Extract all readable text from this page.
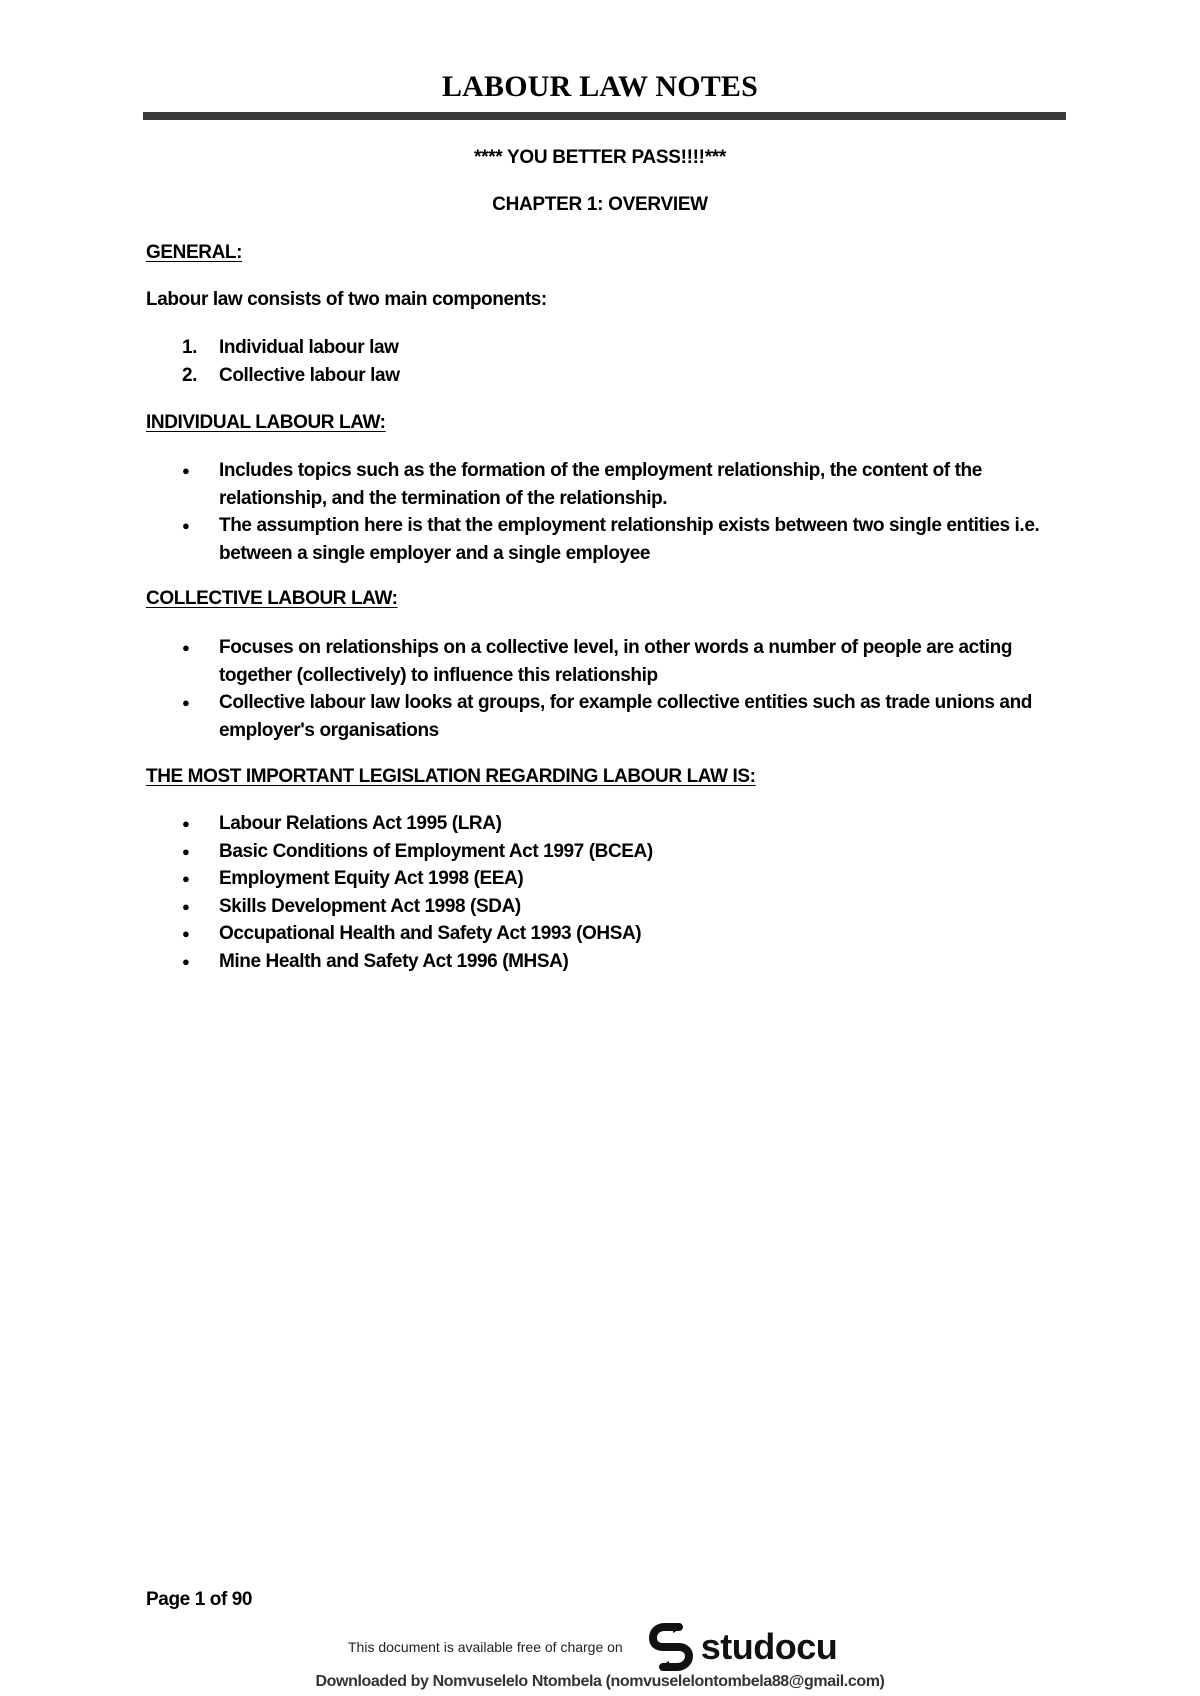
LABOUR LAW NOTES
**** YOU BETTER PASS!!!!***
CHAPTER 1: OVERVIEW
GENERAL:
Labour law consists of two main components:
1. Individual labour law
2. Collective labour law
INDIVIDUAL LABOUR LAW:
● Includes topics such as the formation of the employment relationship, the content of the relationship, and the termination of the relationship.
● The assumption here is that the employment relationship exists between two single entities i.e. between a single employer and a single employee
COLLECTIVE LABOUR LAW:
● Focuses on relationships on a collective level, in other words a number of people are acting together (collectively) to influence this relationship
● Collective labour law looks at groups, for example collective entities such as trade unions and employer's organisations
THE MOST IMPORTANT LEGISLATION REGARDING LABOUR LAW IS:
● Labour Relations Act 1995 (LRA)
● Basic Conditions of Employment Act 1997 (BCEA)
● Employment Equity Act 1998 (EEA)
● Skills Development Act 1998 (SDA)
● Occupational Health and Safety Act 1993 (OHSA)
● Mine Health and Safety Act 1996 (MHSA)
Page 1 of 90
This document is available free of charge on studocu
Downloaded by Nomvuselelo Ntombela (nomvuselelontombela88@gmail.com)
